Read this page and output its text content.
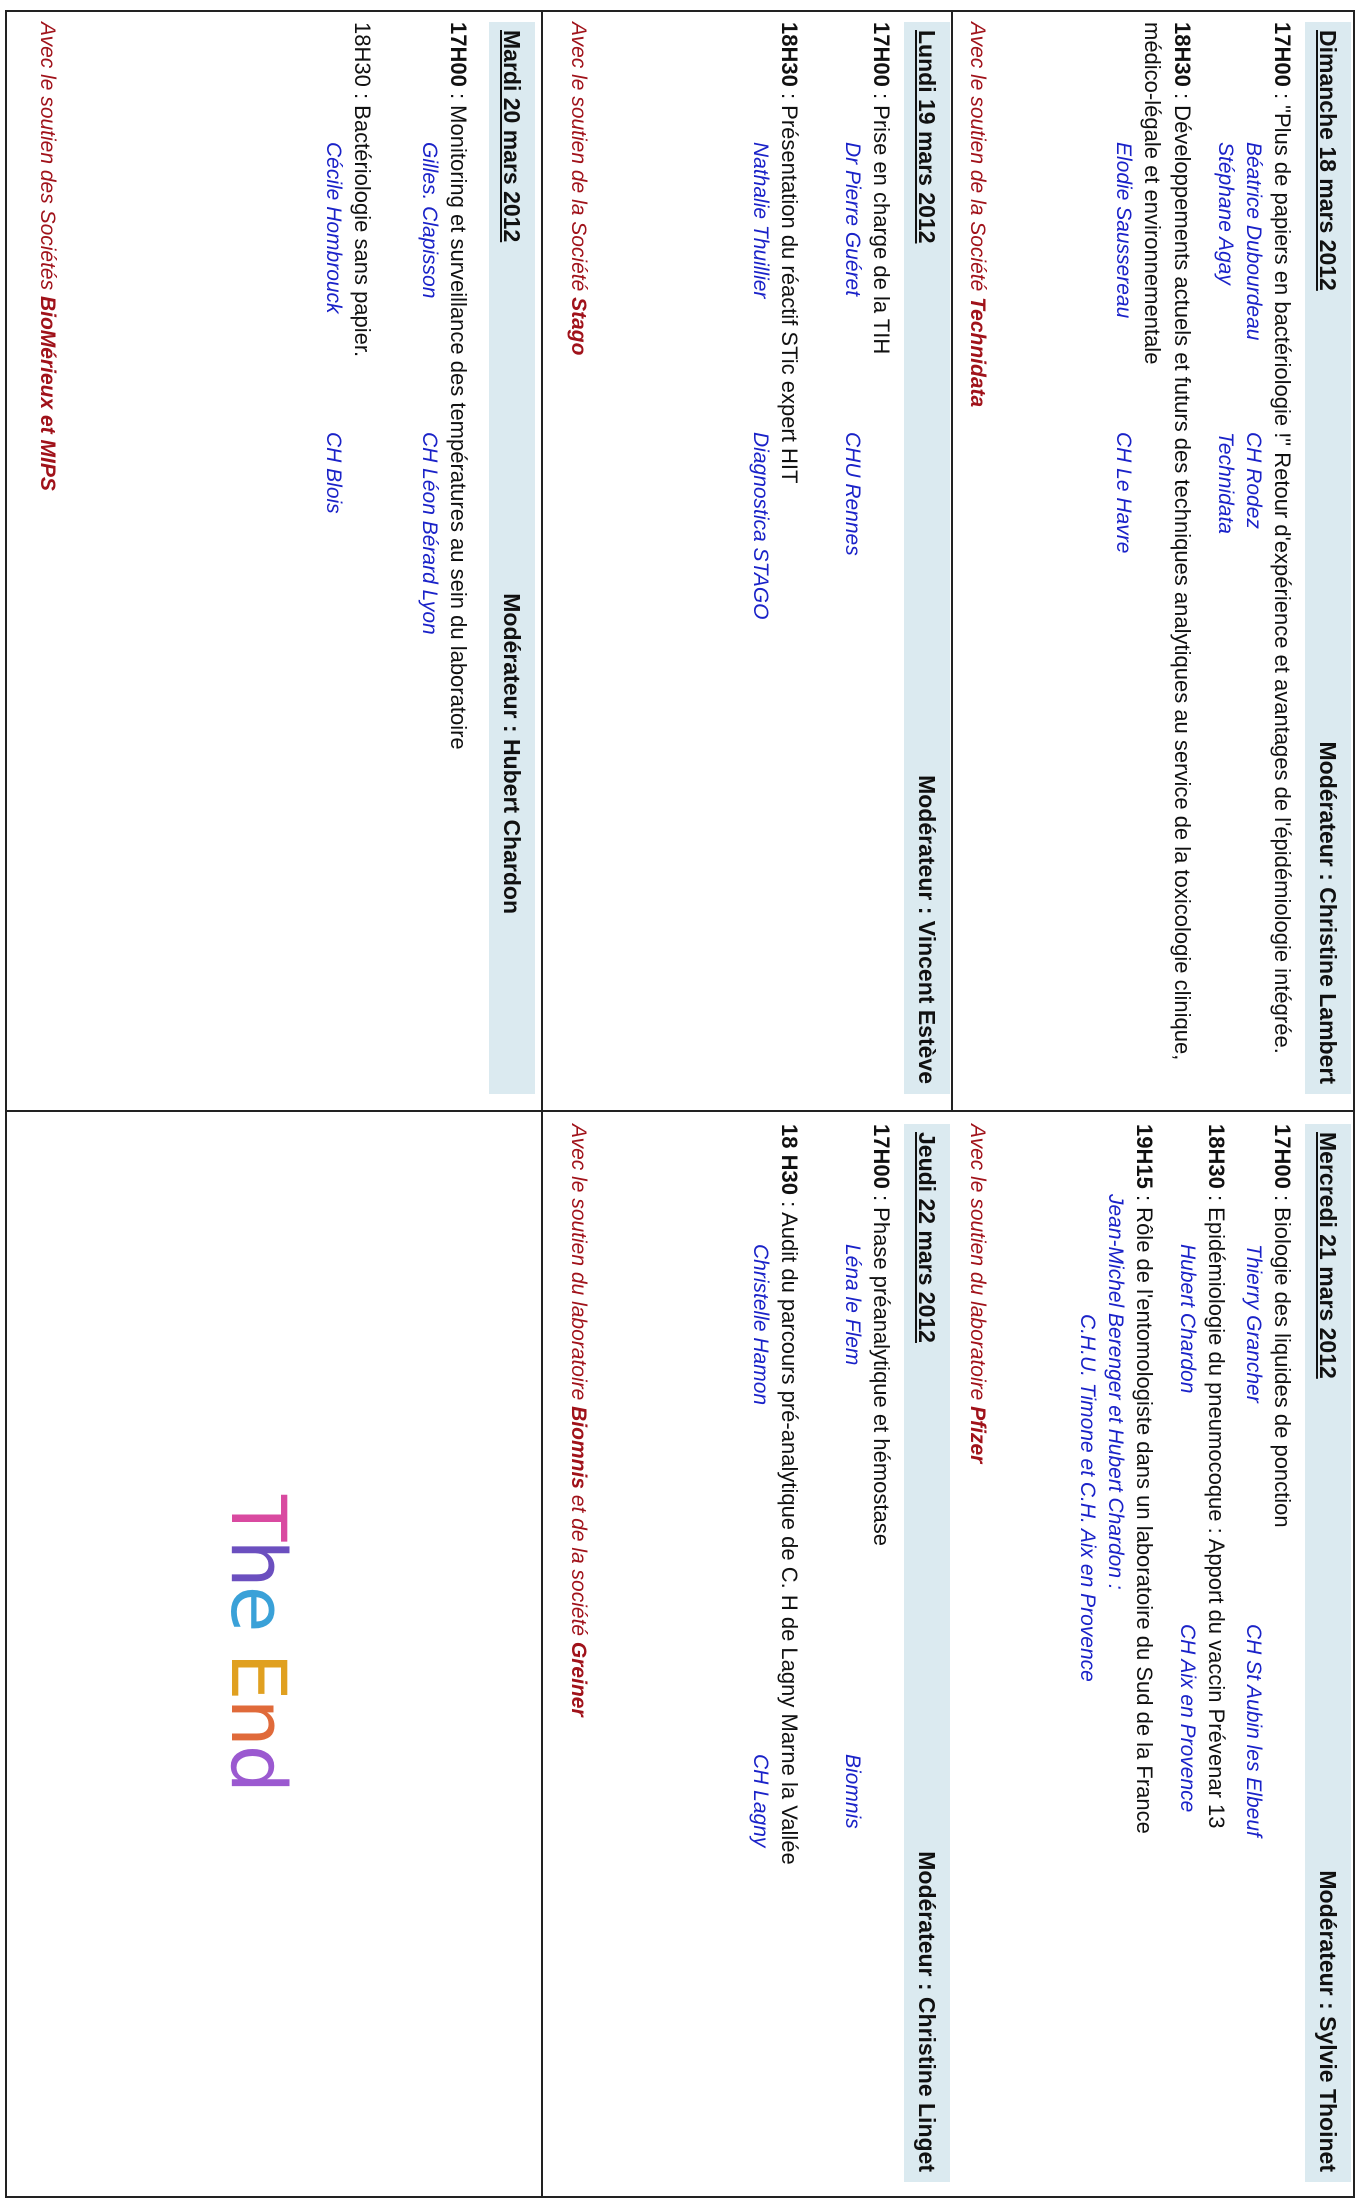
Dimanche 18 mars 2012
Modérateur : Christine Lambert
17H00 : "Plus de papiers en bactériologie !" Retour d'expérience et avantages de l'épidémiologie intégrée.
Béatrice Dubourdeau
CH Rodez
Stéphane Agay
Technidata
18H30 : Développements actuels et futurs des techniques analytiques au service de la toxicologie clinique, médico-légale et environnementale
Elodie Saussereau
CH Le Havre
Avec le soutien de la Société Technidata
Lundi 19 mars 2012
Modérateur : Vincent Estève
17H00 : Prise en charge de la TIH
Dr Pierre Guéret
CHU Rennes
18H30 : Présentation du réactif STic expert HIT
Nathalie Thuillier
Diagnostica STAGO
Avec le soutien de la Société Stago
Mardi 20 mars 2012
Modérateur : Hubert Chardon
17H00 : Monitoring et surveillance des températures au sein du laboratoire
Gilles. Clapisson
CH Léon Bérard Lyon
18H30 : Bactériologie sans papier.
Cécile Hombrouck
CH Blois
Avec le soutien des Sociétés BioMérieux et MIPS
Mercredi 21 mars 2012
Modérateur : Sylvie Thoinet
17H00 : Biologie des liquides de ponction
Thierry Grancher
CH St Aubin les Elbeuf
18H30 : Epidémiologie du pneumocoque : Apport du vaccin Prévenar 13
Hubert Chardon
CH Aix en Provence
19H15 : Rôle de l'entomologiste dans un laboratoire du Sud de la France
Jean-Michel Berenger et Hubert Chardon :
C.H.U. Timone et C.H. Aix en Provence
Avec le soutien du laboratoire Pfizer
Jeudi 22 mars 2012
Modérateur : Christine Linget
17H00 : Phase préanalytique et hémostase
Léna le Flem
Biomnis
18 H30 : Audit du parcours pré-analytique de C. H de Lagny Marne la Vallée
Christelle Hamon
CH Lagny
Avec le soutien du laboratoire Biomnis et de la société Greiner
The End
